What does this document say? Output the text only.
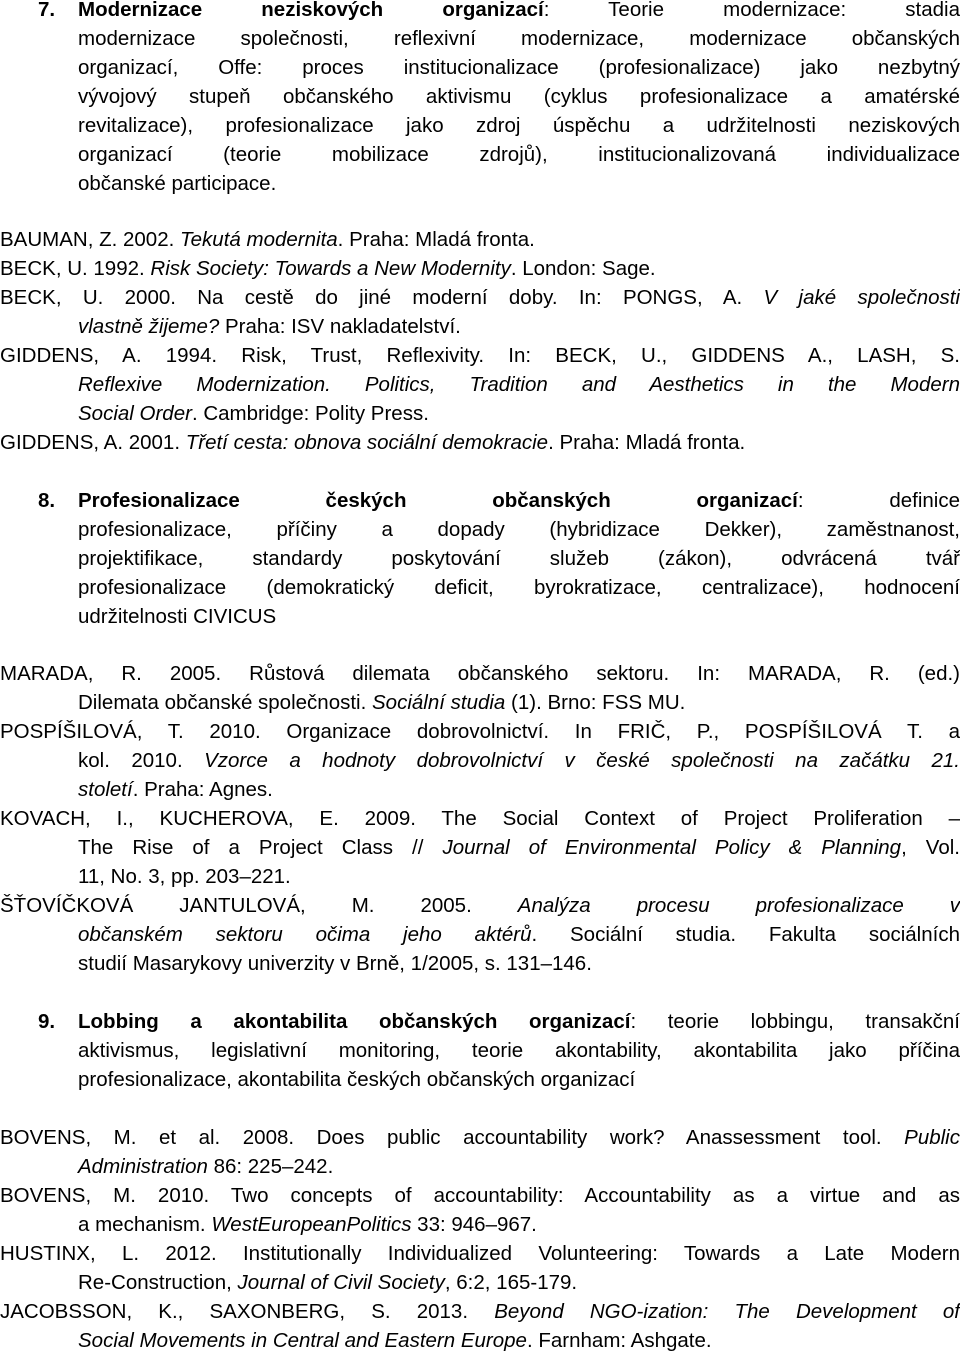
7.	Modernizace neziskových organizací: Teorie modernizace: stadia
modernizace společnosti, reflexivní modernizace, modernizace občanských
organizací, Offe: proces institucionalizace (profesionalizace) jako nezbytný
vývojový stupeň občanského aktivismu (cyklus profesionalizace a amatérské
revitalizace), profesionalizace jako zdroj úspěchu a udržitelnosti neziskových
organizací (teorie mobilizace zdrojů), institucionalizovaná individualizace
občanské participace.
BAUMAN, Z. 2002. Tekutá modernita. Praha: Mladá fronta.
BECK, U. 1992. Risk Society: Towards a New Modernity. London: Sage.
BECK, U. 2000. Na cestě do jiné moderní doby. In: PONGS, A. V jaké společnosti
vlastně žijeme? Praha: ISV nakladatelství.
GIDDENS, A. 1994. Risk, Trust, Reflexivity. In: BECK, U., GIDDENS A., LASH, S.
Reflexive Modernization. Politics, Tradition and Aesthetics in the Modern
Social Order. Cambridge: Polity Press.
GIDDENS, A. 2001. Třetí cesta: obnova sociální demokracie. Praha: Mladá fronta.
8.	Profesionalizace českých občanských organizací: definice
profesionalizace, příčiny a dopady (hybridizace Dekker), zaměstnanost,
projektifikace, standardy poskytování služeb (zákon), odvrácená tvář
profesionalizace (demokratický deficit, byrokratizace, centralizace), hodnocení
udržitelnosti CIVICUS
MARADA, R. 2005. Růstová dilemata občanského sektoru. In: MARADA, R. (ed.)
Dilemata občanské společnosti. Sociální studia (1). Brno: FSS MU.
POSPÍŠILOVÁ, T. 2010. Organizace dobrovolnictví. In FRIČ, P., POSPÍŠILOVÁ T. a
kol. 2010. Vzorce a hodnoty dobrovolnictví v české společnosti na začátku 21.
století. Praha: Agnes.
KOVACH, I., KUCHEROVA, E. 2009. The Social Context of Project Proliferation –
The Rise of a Project Class // Journal of Environmental Policy & Planning, Vol.
11, No. 3, pp. 203–221.
ŠŤOVÍČKOVÁ JANTULOVÁ, M. 2005. Analýza procesu profesionalizace v
občanském sektoru očima jeho aktérů. Sociální studia. Fakulta sociálních
studií Masarykovy univerzity v Brně, 1/2005, s. 131–146.
9.	Lobbing a akontabilita občanských organizací: teorie lobbingu, transakční
aktivismus, legislativní monitoring, teorie akontability, akontabilita jako příčina
profesionalizace, akontabilita českých občanských organizací
BOVENS, M. et al. 2008. Does public accountability work? Anassessment tool. Public
Administration 86: 225–242.
BOVENS, M. 2010. Two concepts of accountability: Accountability as a virtue and as
a mechanism. WestEuropeanPolitics 33: 946–967.
HUSTINX, L. 2012. Institutionally Individualized Volunteering: Towards a Late Modern
Re-Construction, Journal of Civil Society, 6:2, 165-179.
JACOBSSON, K., SAXONBERG, S. 2013. Beyond NGO-ization: The Development of
Social Movements in Central and Eastern Europe. Farnham: Ashgate.
